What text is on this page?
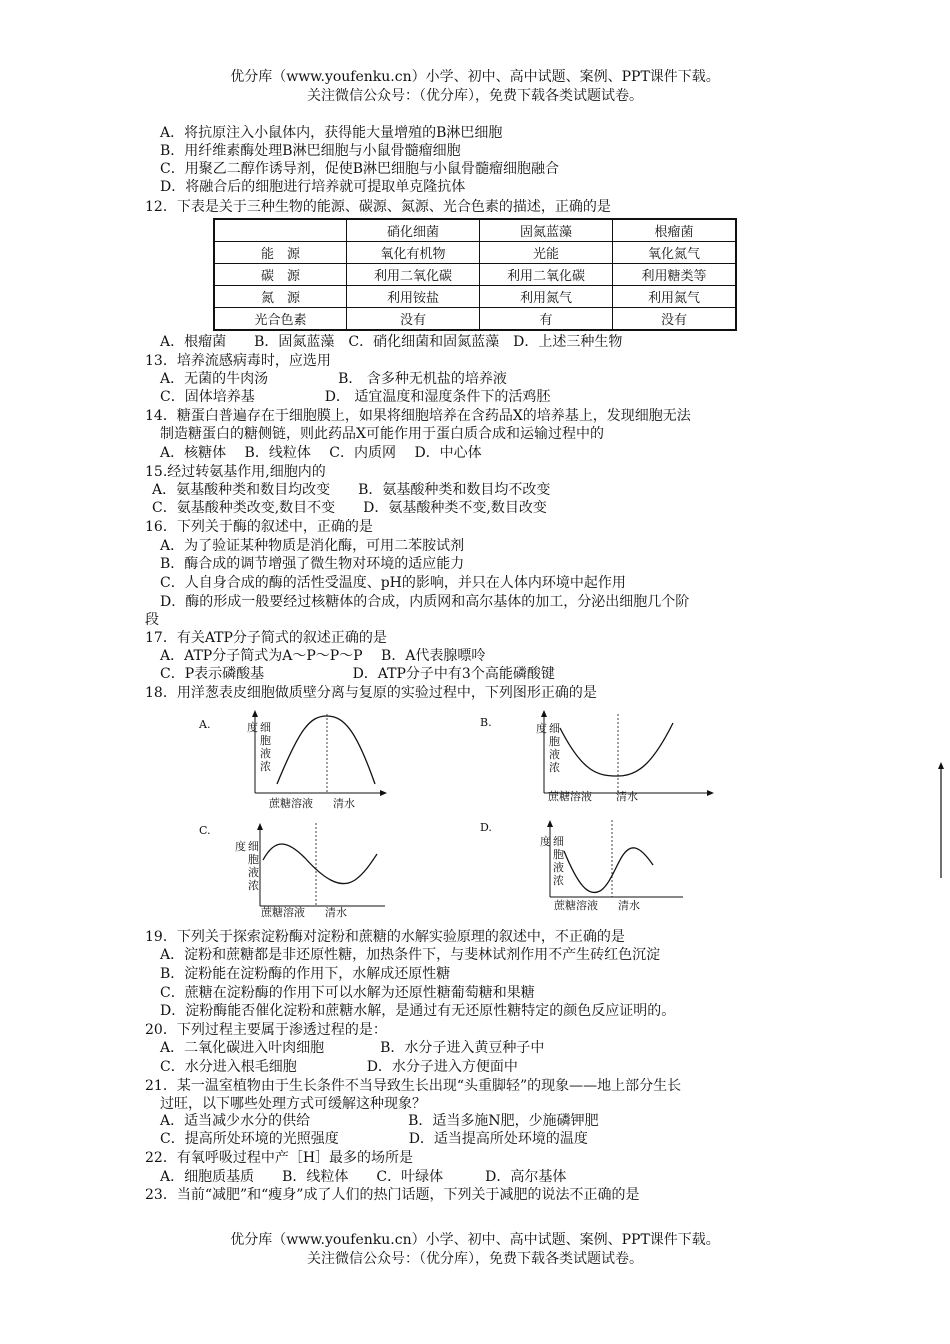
优分库（www.youfenku.cn）小学、初中、高中试题、案例、PPT课件下载。
关注微信公众号：（优分库），免费下载各类试题试卷。
A．将抗原注入小鼠体内，获得能大量增殖的B淋巴细胞
B．用纤维素酶处理B淋巴细胞与小鼠骨髓瘤细胞
C．用聚乙二醇作诱导剂，促使B淋巴细胞与小鼠骨髓瘤细胞融合
D．将融合后的细胞进行培养就可提取单克隆抗体
12．下表是关于三种生物的能源、碳源、氮源、光合色素的描述，正确的是
	硝化细菌	固氮蓝藻	根瘤菌
能　源	氧化有机物	光能	氧化氮气
碳　源	利用二氧化碳	利用二氧化碳	利用糖类等
氮　源	利用铵盐	利用氮气	利用氮气
光合色素	没有	有	没有
A．根瘤菌　　B．固氮蓝藻　C．硝化细菌和固氮蓝藻　D．上述三种生物
13．培养流感病毒时，应选用
A．无菌的牛肉汤　　　　　B． 含多种无机盐的培养液
C．固体培养基　　　　　D． 适宜温度和湿度条件下的活鸡胚
14．糖蛋白普遍存在于细胞膜上，如果将细胞培养在含药品X的培养基上，发现细胞无法
制造糖蛋白的糖侧链，则此药品X可能作用于蛋白质合成和运输过程中的
A．核糖体　 B．线粒体　 C．内质网　 D．中心体
15.经过转氨基作用,细胞内的
A．氨基酸种类和数目均改变　　B．氨基酸种类和数目均不改变
C．氨基酸种类改变,数目不变　　D．氨基酸种类不变,数目改变
16．下列关于酶的叙述中，正确的是
A．为了验证某种物质是消化酶，可用二苯胺试剂
B．酶合成的调节增强了微生物对环境的适应能力
C．人自身合成的酶的活性受温度、pH的影响，并只在人体内环境中起作用
D．酶的形成一般要经过核糖体的合成，内质网和高尔基体的加工，分泌出细胞几个阶
段
17．有关ATP分子简式的叙述正确的是
A．ATP分子简式为A～P～P～P　 B．A代表腺嘌呤
C．P表示磷酸基　　　　　　 D．ATP分子中有3个高能磷酸键
18．用洋葱表皮细胞做质壁分离与复原的实验过程中，下列图形正确的是
A.	度 细
胞
液
浓
蔗糖溶液 清水
B.	度 细
胞
液
浓
蔗糖溶液 清水
C.
度 细
胞
液
浓
蔗糖溶液 清水
D.
度 细
胞
液
浓
蔗糖溶液 清水
19．下列关于探索淀粉酶对淀粉和蔗糖的水解实验原理的叙述中，不正确的是
A．淀粉和蔗糖都是非还原性糖，加热条件下，与斐林试剂作用不产生砖红色沉淀
B．淀粉能在淀粉酶的作用下，水解成还原性糖
C．蔗糖在淀粉酶的作用下可以水解为还原性糖葡萄糖和果糖
D．淀粉酶能否催化淀粉和蔗糖水解，是通过有无还原性糖特定的颜色反应证明的。
20．下列过程主要属于渗透过程的是：
A．二氧化碳进入叶肉细胞　　　　B．水分子进入黄豆种子中
C．水分进入根毛细胞　　　　　D．水分子进入方便面中
21．某一温室植物由于生长条件不当导致生长出现“头重脚轻”的现象——地上部分生长
过旺，以下哪些处理方式可缓解这种现象？
A．适当减少水分的供给　　　　　　　B．适当多施N肥，少施磷钾肥
C．提高所处环境的光照强度　　　　　D．适当提高所处环境的温度
22．有氧呼吸过程中产［H］最多的场所是
A．细胞质基质　　B．线粒体　　C．叶绿体　　　D．高尔基体
23．当前“减肥”和“瘦身”成了人们的热门话题，下列关于减肥的说法不正确的是
优分库（www.youfenku.cn）小学、初中、高中试题、案例、PPT课件下载。
关注微信公众号：（优分库），免费下载各类试题试卷。
